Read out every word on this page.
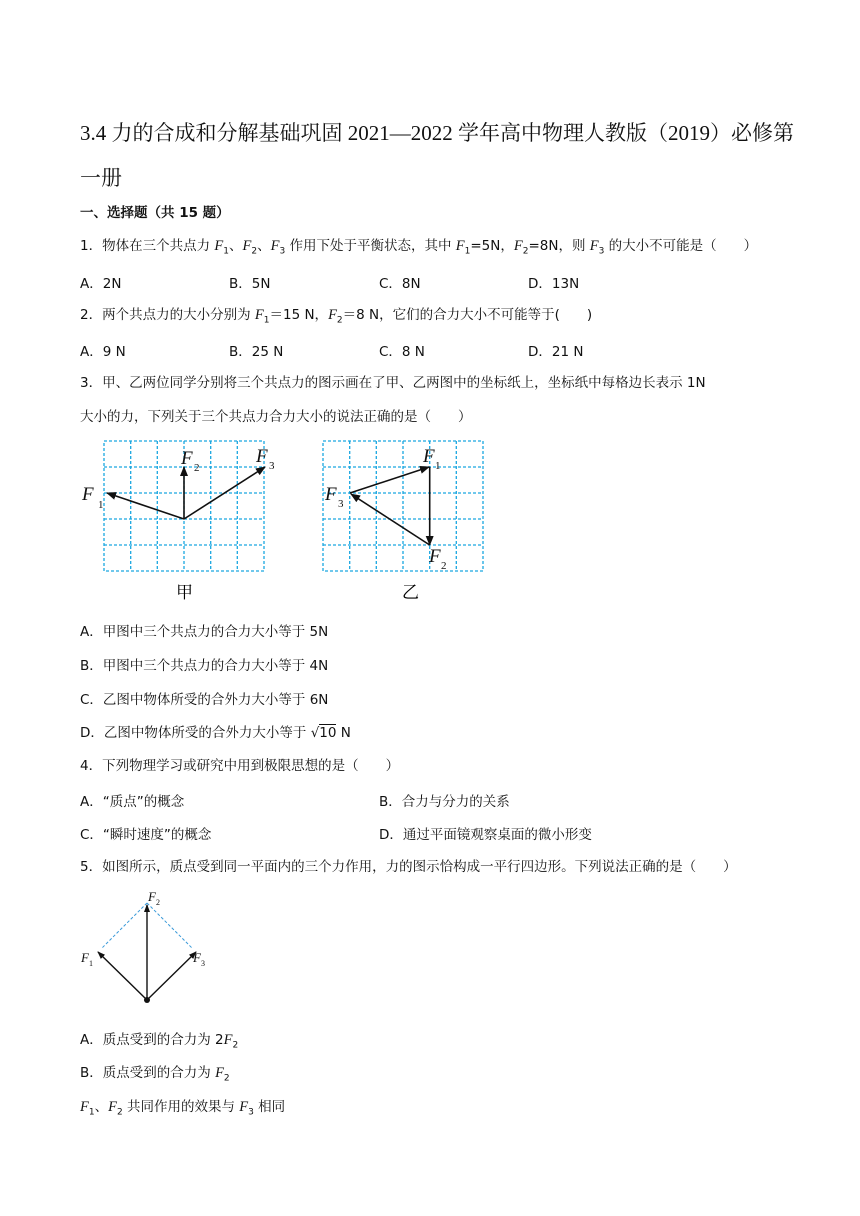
3.4 力的合成和分解基础巩固 2021—2022 学年高中物理人教版（2019）必修第一册
一、选择题（共 15 题）
1．物体在三个共点力 $F_1$、$F_2$、$F_3$ 作用下处于平衡状态，其中 $F_1=5N$，$F_2=8N$，则 $F_3$ 的大小不可能是（　　）
A．2N	B．5N	C．8N	D．13N
2．两个共点力的大小分别为 $F_1=15$ N，$F_2=8$ N，它们的合力大小不可能等于(　　)
A．9 N	B．25 N	C．8 N	D．21 N
3．甲、乙两位同学分别将三个共点力的图示画在了甲、乙两图中的坐标纸上，坐标纸中每格边长表示 1N
大小的力，下列关于三个共点力合力大小的说法正确的是（　　）
F 1
F 2
F 3
甲
F 1
F 2
F 3
乙
A．甲图中三个共点力的合力大小等于 5N
B．甲图中三个共点力的合力大小等于 4N
C．乙图中物体所受的合外力大小等于 6N
D．乙图中物体所受的合外力大小等于 √10 N
4．下列物理学习或研究中用到极限思想的是（　　）
A．“质点”的概念	B．合力与分力的关系
C．“瞬时速度”的概念	D．通过平面镜观察桌面的微小形变
5．如图所示，质点受到同一平面内的三个力作用，力的图示恰构成一平行四边形。下列说法正确的是（　　）
F 2
F 1	F 3
A．质点受到的合力为 $2F_2$
B．质点受到的合力为 $F_2$
$F_1$、$F_2$ 共同作用的效果与 $F_3$ 相同
